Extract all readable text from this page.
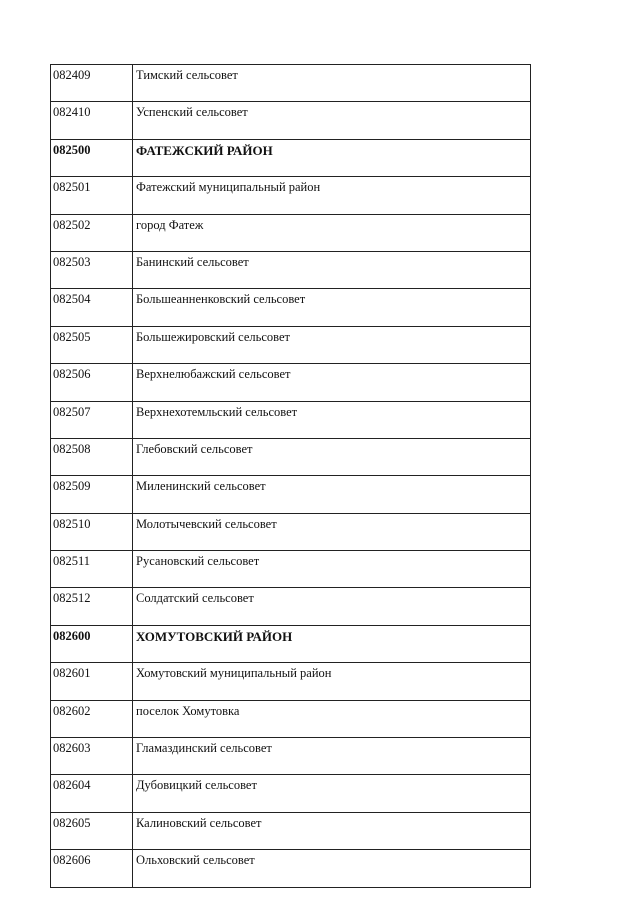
082409	Тимский сельсовет
082410	Успенский сельсовет
082500	ФАТЕЖСКИЙ РАЙОН
082501	Фатежский муниципальный район
082502	город Фатеж
082503	Банинский сельсовет
082504	Большеанненковский сельсовет
082505	Большежировский сельсовет
082506	Верхнелюбажский сельсовет
082507	Верхнехотемльский сельсовет
082508	Глебовский сельсовет
082509	Миленинский сельсовет
082510	Молотычевский сельсовет
082511	Русановский сельсовет
082512	Солдатский сельсовет
082600	ХОМУТОВСКИЙ РАЙОН
082601	Хомутовский муниципальный район
082602	поселок Хомутовка
082603	Гламаздинский сельсовет
082604	Дубовицкий сельсовет
082605	Калиновский сельсовет
082606	Ольховский сельсовет
